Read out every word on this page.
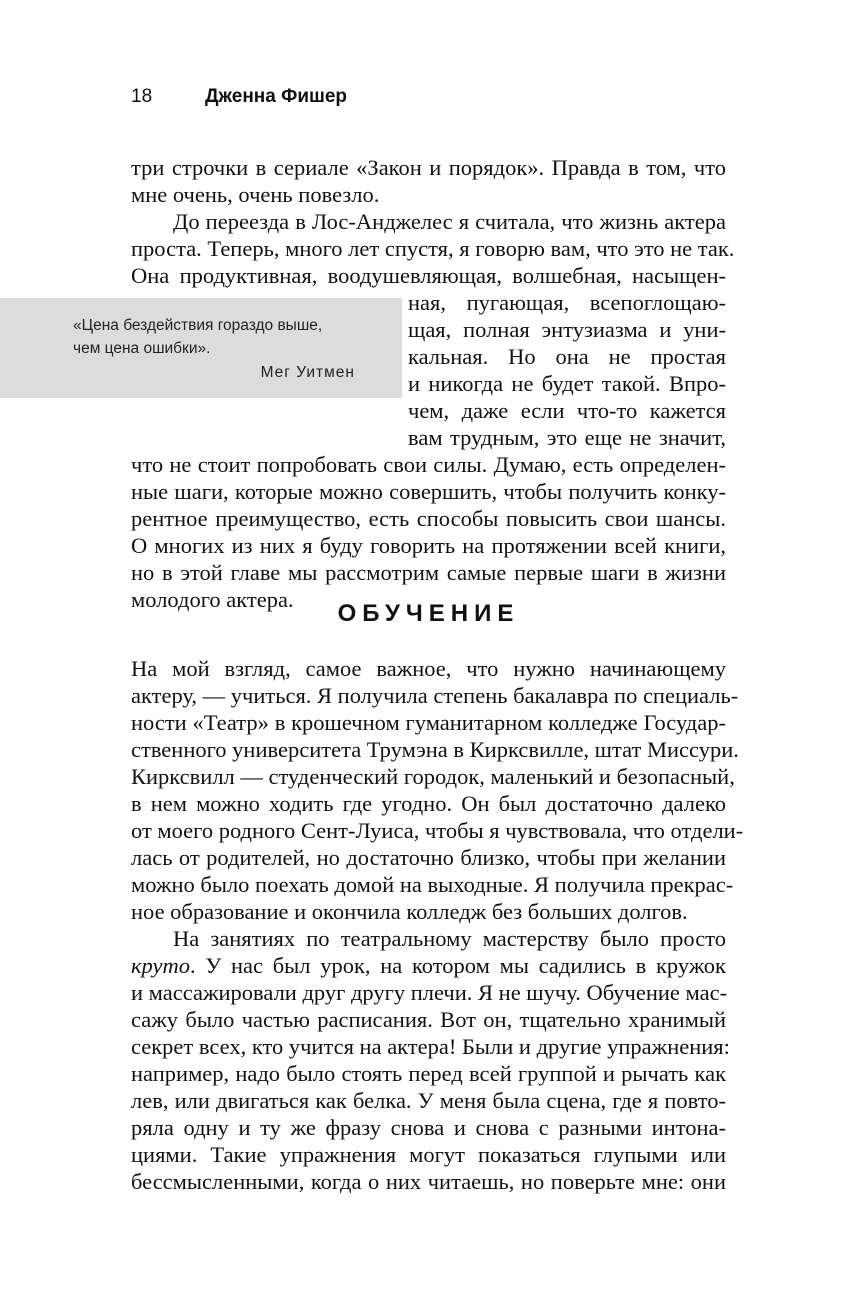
18	Дженна Фишер
три строчки в сериале «Закон и порядок». Правда в том, что
мне очень, очень повезло.
До переезда в Лос-Анджелес я считала, что жизнь актера
проста. Теперь, много лет спустя, я говорю вам, что это не так.
Она продуктивная, воодушевляющая, волшебная, насыщен-
ная, пугающая, всепоглощаю-
щая, полная энтузиазма и уни-
кальная. Но она не простая
и никогда не будет такой. Впро-
чем, даже если что-то кажется
вам трудным, это еще не значит,
что не стоит попробовать свои силы. Думаю, есть определен-
ные шаги, которые можно совершить, чтобы получить конку-
рентное преимущество, есть способы повысить свои шансы.
О многих из них я буду говорить на протяжении всей книги,
но в этой главе мы рассмотрим самые первые шаги в жизни
молодого актера.
«Цена бездействия гораздо выше,
чем цена ошибки».
Мег Уитмен
ОБУЧЕНИЕ
На мой взгляд, самое важное, что нужно начинающему
актеру, — учиться. Я получила степень бакалавра по специаль-
ности «Театр» в крошечном гуманитарном колледже Государ-
ственного университета Трумэна в Кирксвилле, штат Миссури.
Кирксвилл — студенческий городок, маленький и безопасный,
в нем можно ходить где угодно. Он был достаточно далеко
от моего родного Сент-Луиса, чтобы я чувствовала, что отдели-
лась от родителей, но достаточно близко, чтобы при желании
можно было поехать домой на выходные. Я получила прекрас-
ное образование и окончила колледж без больших долгов.
На занятиях по театральному мастерству было просто
круто. У нас был урок, на котором мы садились в кружок
и массажировали друг другу плечи. Я не шучу. Обучение мас-
сажу было частью расписания. Вот он, тщательно хранимый
секрет всех, кто учится на актера! Были и другие упражнения:
например, надо было стоять перед всей группой и рычать как
лев, или двигаться как белка. У меня была сцена, где я повто-
ряла одну и ту же фразу снова и снова с разными интона-
циями. Такие упражнения могут показаться глупыми или
бессмысленными, когда о них читаешь, но поверьте мне: они
